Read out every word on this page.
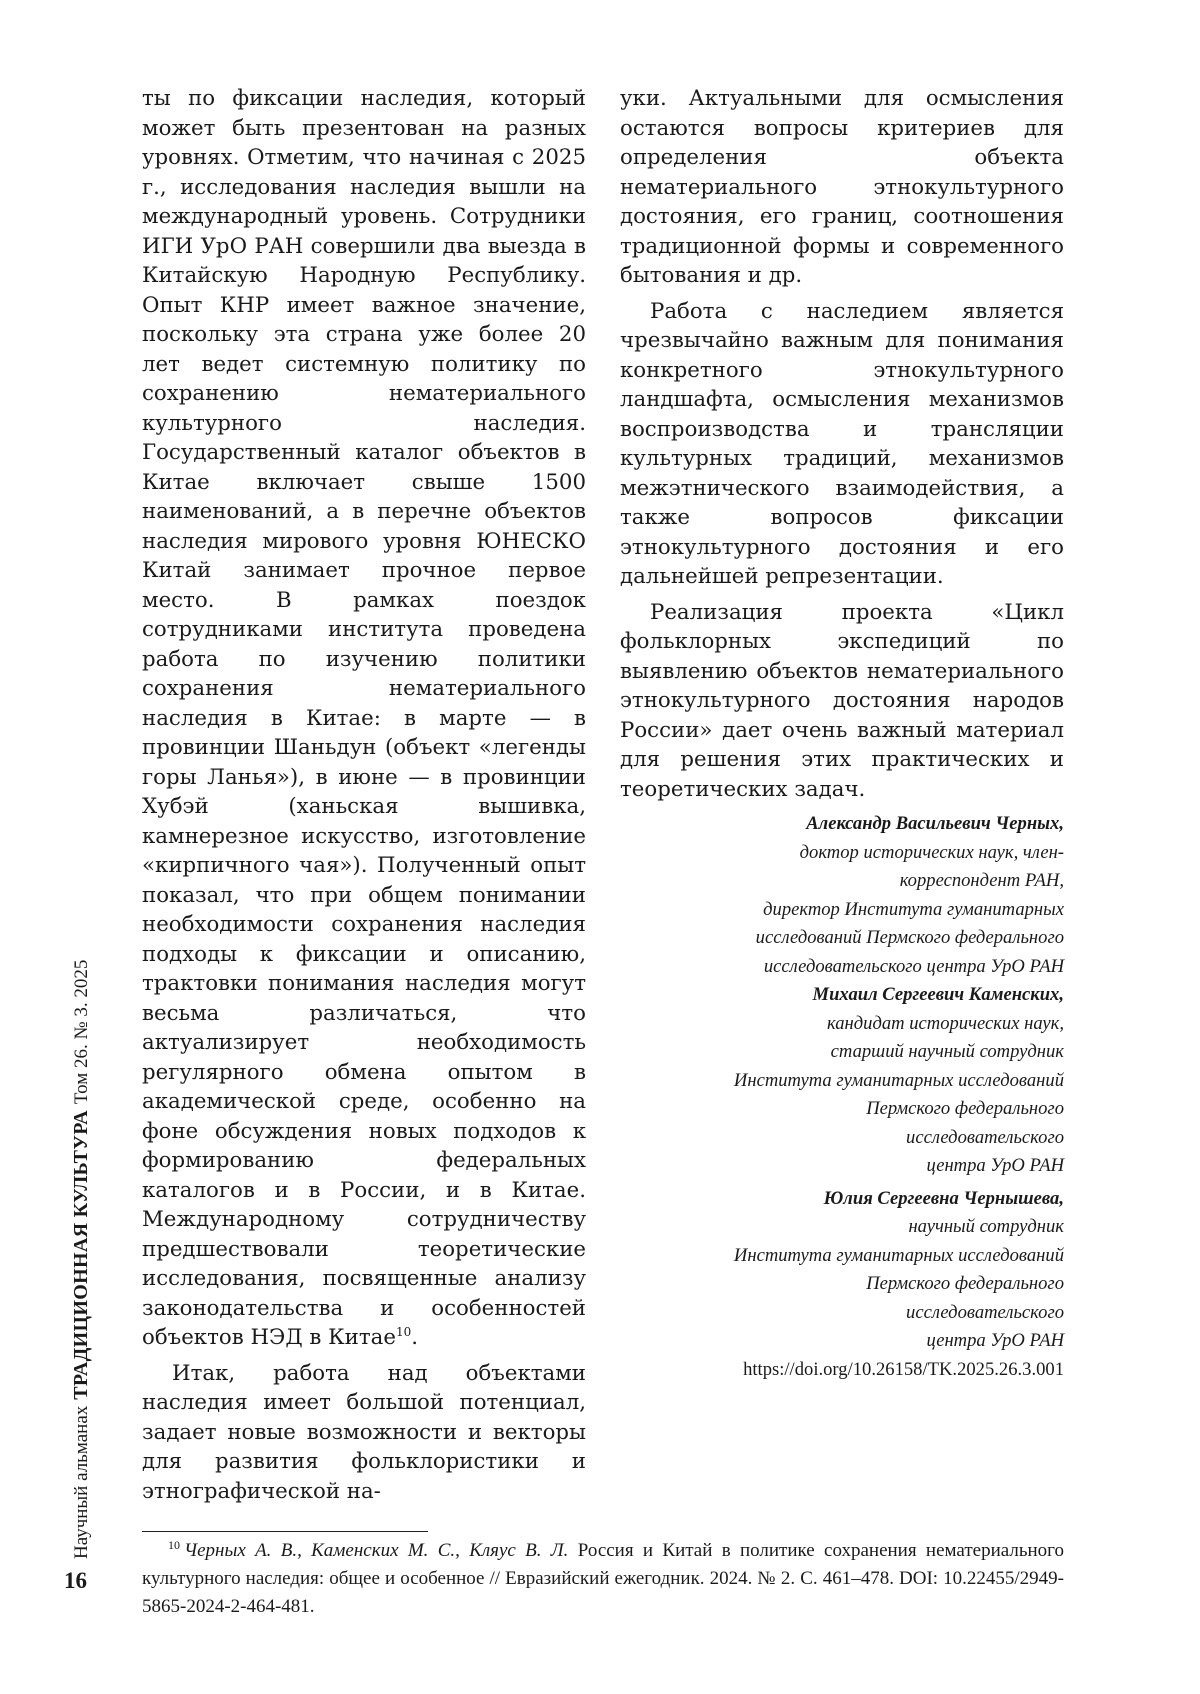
ты по фиксации наследия, который может быть презентован на разных уровнях. Отметим, что начиная с 2025 г., исследования наследия вышли на международный уровень. Сотрудники ИГИ УрО РАН совершили два выезда в Китайскую Народную Республику. Опыт КНР имеет важное значение, поскольку эта страна уже более 20 лет ведет системную политику по сохранению нематериального культурного наследия. Государственный каталог объектов в Китае включает свыше 1500 наименований, а в перечне объектов наследия мирового уровня ЮНЕСКО Китай занимает прочное первое место. В рамках поездок сотрудниками института проведена работа по изучению политики сохранения нематериального наследия в Китае: в марте — в провинции Шаньдун (объект «легенды горы Ланья»), в июне — в провинции Хубэй (ханьская вышивка, камнерезное искусство, изготовление «кирпичного чая»). Полученный опыт показал, что при общем понимании необходимости сохранения наследия подходы к фиксации и описанию, трактовки понимания наследия могут весьма различаться, что актуализирует необходимость регулярного обмена опытом в академической среде, особенно на фоне обсуждения новых подходов к формированию федеральных каталогов и в России, и в Китае. Международному сотрудничеству предшествовали теоретические исследования, посвященные анализу законодательства и особенностей объектов НЭД в Китае$^{10}$.

Итак, работа над объектами наследия имеет большой потенциал, задает новые возможности и векторы для развития фольклористики и этнографической на-

уки. Актуальными для осмысления остаются вопросы критериев для определения объекта нематериального этнокультурного достояния, его границ, соотношения традиционной формы и современного бытования и др.

Работа с наследием является чрезвычайно важным для понимания конкретного этнокультурного ландшафта, осмысления механизмов воспроизводства и трансляции культурных традиций, механизмов межэтнического взаимодействия, а также вопросов фиксации этнокультурного достояния и его дальнейшей репрезентации.

Реализация проекта «Цикл фольклорных экспедиций по выявлению объектов нематериального этнокультурного достояния народов России» дает очень важный материал для решения этих практических и теоретических задач.

Александр Васильевич Черных,
доктор исторических наук, член-
корреспондент РАН,
директор Института гуманитарных
исследований Пермского федерального
исследовательского центра УрО РАН
Михаил Сергеевич Каменских,
кандидат исторических наук,
старший научный сотрудник
Института гуманитарных исследований
Пермского федерального
исследовательского
центра УрО РАН
Юлия Сергеевна Чернышева,
научный сотрудник
Института гуманитарных исследований
Пермского федерального
исследовательского
центра УрО РАН
https://doi.org/10.26158/TK.2025.26.3.001
$^{10}$ Черных А. В., Каменских М. С., Кляус В. Л. Россия и Китай в политике сохранения нематериального культурного наследия: общее и особенное // Евразийский ежегодник. 2024. № 2. С. 461–478. DOI: 10.22455/2949-5865-2024-2-464-481.
Научный альманахТРАДИЦИОННАЯ КУЛЬТУРАТом 26. № 3. 2025
16
